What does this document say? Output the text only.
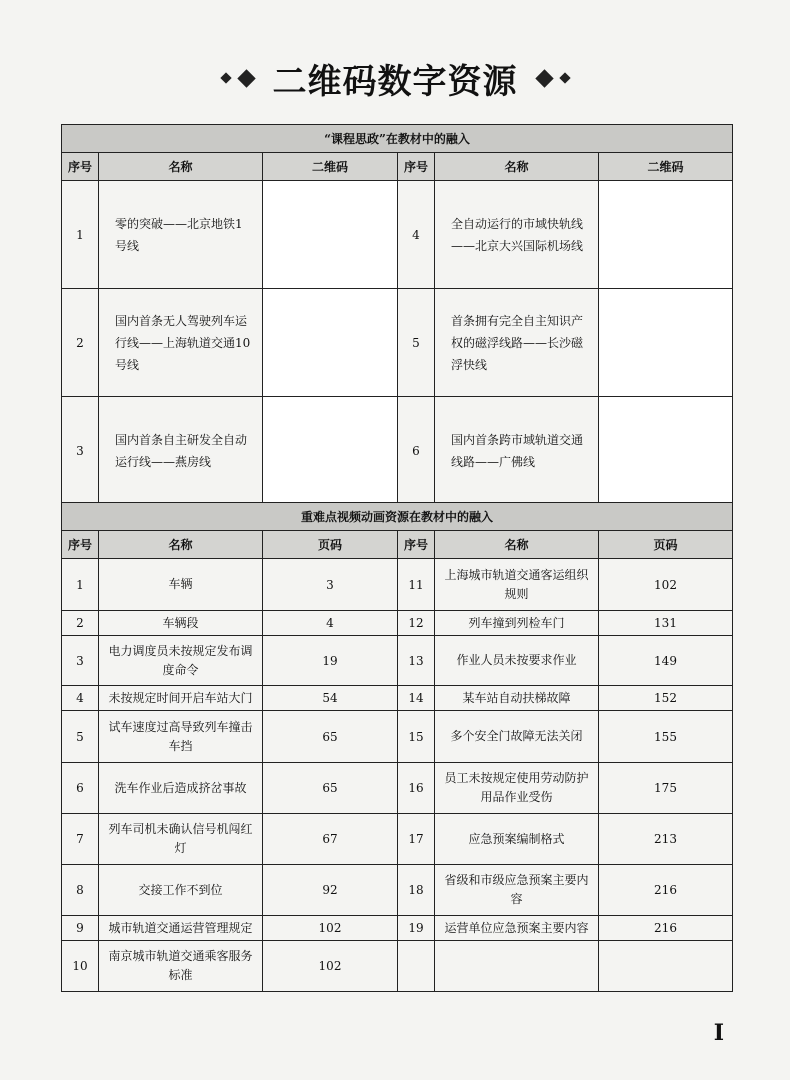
二维码数字资源
“课程思政”在教材中的融入					
序号	名称	二维码	序号	名称	二维码
1	零的突破——北京地铁1号线		4	全自动运行的市域快轨线——北京大兴国际机场线	
2	国内首条无人驾驶列车运行线——上海轨道交通10号线		5	首条拥有完全自主知识产权的磁浮线路——长沙磁浮快线	
3	国内首条自主研发全自动运行线——燕房线		6	国内首条跨市域轨道交通线路——广佛线	
重难点视频动画资源在教材中的融入					
序号	名称	页码	序号	名称	页码
1	车辆	3	11	上海城市轨道交通客运组织规则	102
2	车辆段	4	12	列车撞到列检车门	131
3	电力调度员未按规定发布调度命令	19	13	作业人员未按要求作业	149
4	未按规定时间开启车站大门	54	14	某车站自动扶梯故障	152
5	试车速度过高导致列车撞击车挡	65	15	多个安全门故障无法关闭	155
6	洗车作业后造成挤岔事故	65	16	员工未按规定使用劳动防护用品作业受伤	175
7	列车司机未确认信号机闯红灯	67	17	应急预案编制格式	213
8	交接工作不到位	92	18	省级和市级应急预案主要内容	216
9	城市轨道交通运营管理规定	102	19	运营单位应急预案主要内容	216
10	南京城市轨道交通乘客服务标准	102			
I
